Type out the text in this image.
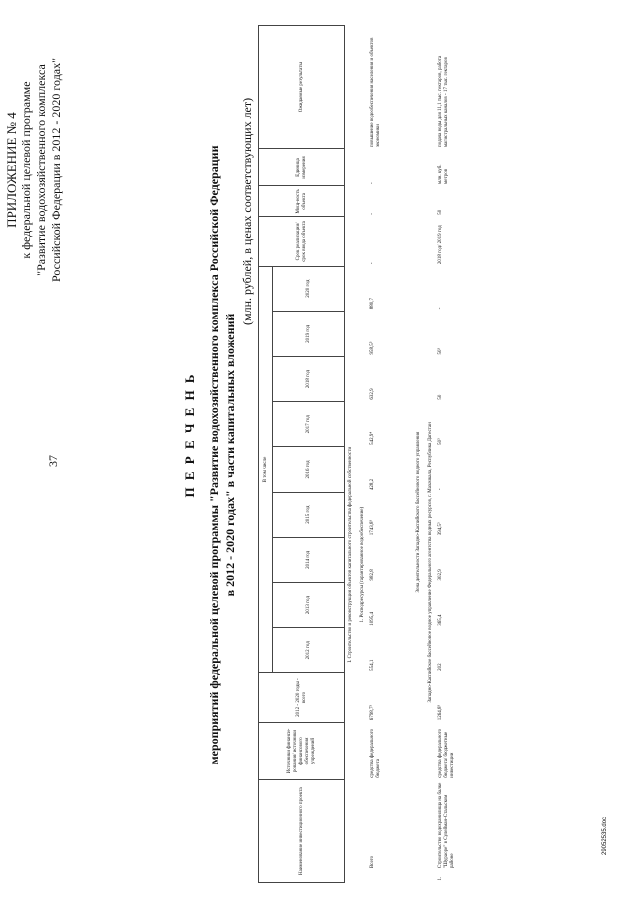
37
ПРИЛОЖЕНИЕ № 4 к федеральной целевой программе "Развитие водохозяйственного комплекса Российской Федерации в 2012 - 2020 годах"
П Е Р Е Ч Е Н Ь мероприятий федеральной целевой программы "Развитие водохозяйственного комплекса Российской Федерации в 2012 - 2020 годах" в части капитальных вложений
(млн. рублей, в ценах соответствующих лет)
Наименование инвестиционного проекта		Источники финанси-рования/ источники финансового обеспечения учреждений	2012 - 2020 годы - всего	В том числе									Срок реализации/ срок ввода объекта	Мощ-ность объекта	Единица измерения	Ожидаемые результаты
				2012 год	2013 год	2014 год	2015 год	2016 год	2017 год	2018 год	2019 год	2020 год				
I. Строительство и реконструкция объектов капитального строительства федеральной собственности																
1. Росводресурсы (гарантированное водообеспечение)																
	Всего	средства федерального бюджета	6798,7³	554,1	1095,4	982,8	1743,8³	428,2	542,9⁴	632,9	958,5⁵	880,7	-	-	-	повышение водообеспечения населения и объектов экономики
Зона деятельности Западно-Каспийского бассейнового водного управления																
Западно-Каспийское бассейновое водное управление Федерального агентства водных ресурсов, г. Махачкала, Республика Дагестан																
1.	Строительство водохранилища на балке "Шураоре" в Сулейман-Стальском районе	средства федерального бюджета/ бюджетные инвестиции	1264,8³	202	365,4	302,9	394,5³	-	50³	50	50³	-	2018 год/ 2019 год	50	млн. куб. метров	подача воды для 11,1 тыс. гектаров, работа магистральных каналов - 17 тыс. гектаров
29052535.doc
